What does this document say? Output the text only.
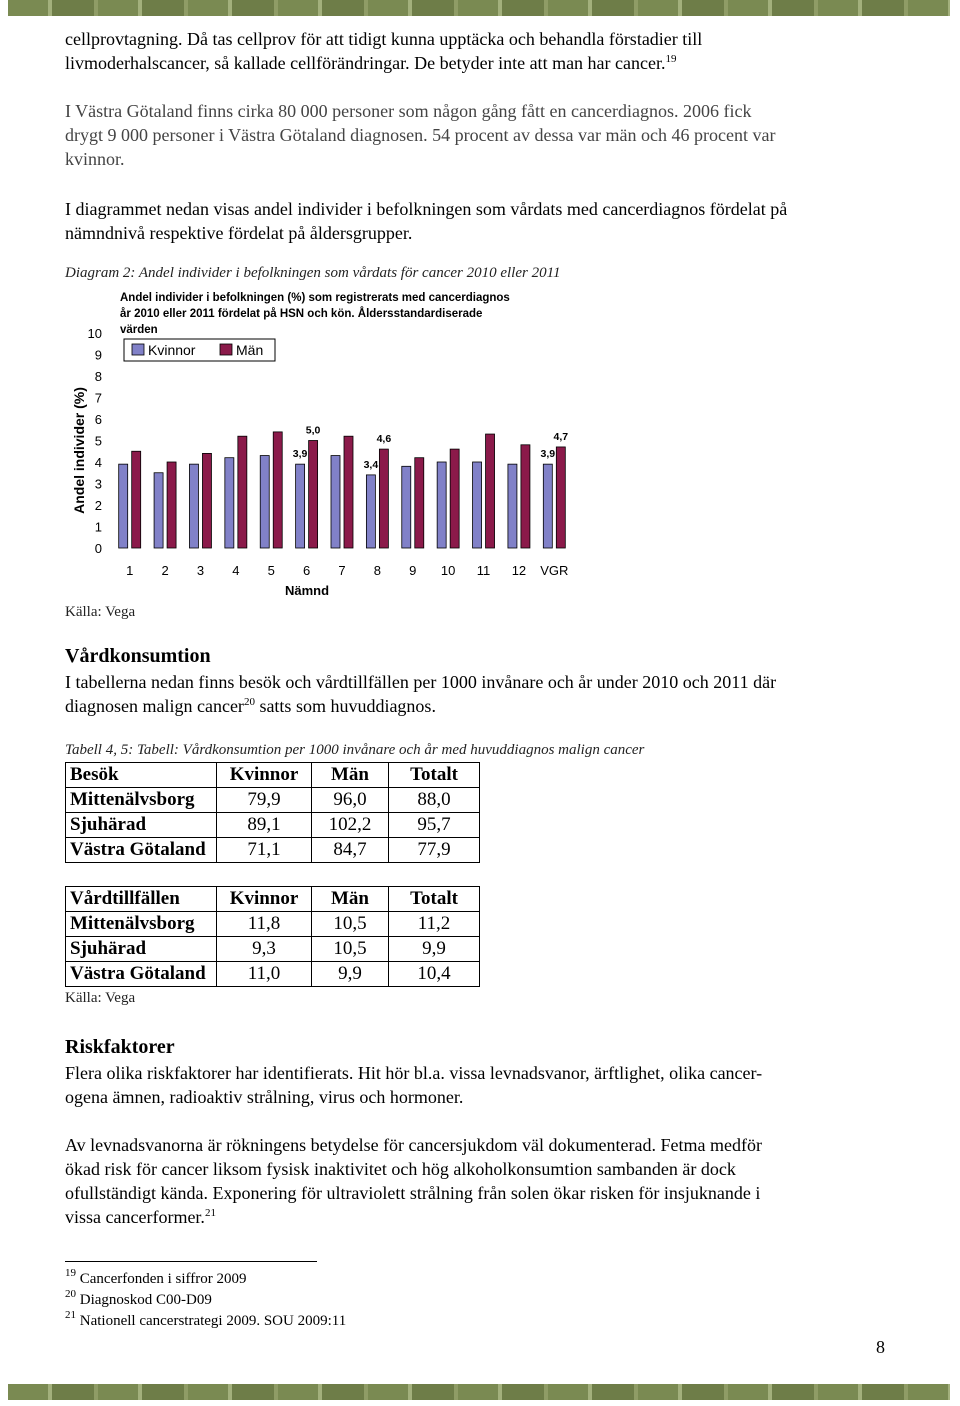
cellprovtagning. Då tas cellprov för att tidigt kunna upptäcka och behandla förstadier till
livmoderhalscancer, så kallade cellförändringar. De betyder inte att man har cancer.$^{19}$
I Västra Götaland finns cirka 80 000 personer som någon gång fått en cancerdiagnos. 2006 fick
drygt 9 000 personer i Västra Götaland diagnosen. 54 procent av dessa var män och 46 procent var
kvinnor.
I diagrammet nedan visas andel individer i befolkningen som vårdats med cancerdiagnos fördelat på
nämndnivå respektive fördelat på åldersgrupper.
Diagram 2: Andel individer i befolkningen som vårdats för cancer 2010 eller 2011
Andel individer i befolkningen (%) som registrerats med cancerdiagnos
år 2010 eller 2011 fördelat på HSN och kön. Åldersstandardiserade
värden
Kvinnor	Män
0
1
2
3
4
5
6
7
8
9
10
Andel individer (%)
1 2 3 4 5 6 7 8 9 10 11 12 VGR
3,9
5,0
3,4
4,6
3,9
4,7
Nämnd
Källa: Vega
Vårdkonsumtion
I tabellerna nedan finns besök och vårdtillfällen per 1000 invånare och år under 2010 och 2011 där
diagnosen malign cancer$^{20}$ satts som huvuddiagnos.
Tabell 4, 5: Tabell: Vårdkonsumtion per 1000 invånare och år med huvuddiagnos malign cancer
Besök	Kvinnor	Män	Totalt
Mittenälvsborg	79,9	96,0	88,0
Sjuhärad	89,1	102,2	95,7
Västra Götaland	71,1	84,7	77,9
Vårdtillfällen	Kvinnor	Män	Totalt
Mittenälvsborg	11,8	10,5	11,2
Sjuhärad	9,3	10,5	9,9
Västra Götaland	11,0	9,9	10,4
Källa: Vega
Riskfaktorer
Flera olika riskfaktorer har identifierats. Hit hör bl.a. vissa levnadsvanor, ärftlighet, olika cancer-
ogena ämnen, radioaktiv strålning, virus och hormoner.
Av levnadsvanorna är rökningens betydelse för cancersjukdom väl dokumenterad. Fetma medför
ökad risk för cancer liksom fysisk inaktivitet och hög alkoholkonsumtion sambanden är dock
ofullständigt kända. Exponering för ultraviolett strålning från solen ökar risken för insjuknande i
vissa cancerformer.$^{21}$
$^{19}$ Cancerfonden i siffror 2009
$^{20}$ Diagnoskod C00-D09
$^{21}$ Nationell cancerstrategi 2009. SOU 2009:11
8
